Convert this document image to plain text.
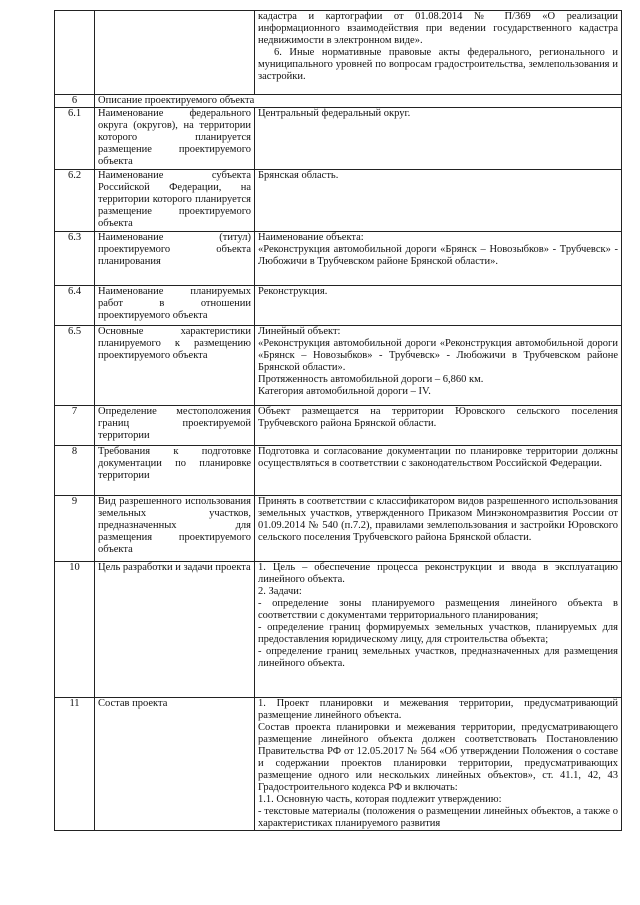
		кадастра и картографии от 01.08.2014 № П/369 «О реализации информационного взаимодействия при ведении государственного кадастра недвижимости в электронном виде».
6. Иные нормативные правовые акты федерального, регионального и муниципального уровней по вопросам градостроительства, землепользования и застройки.

6	Описание проектируемого объекта	
6.1	Наименование федерального округа (округов), на территории которого планируется размещение проектируемого объекта	Центральный федеральный округ.

6.2	Наименование субъекта Российской Федерации, на территории которого планируется размещение проектируемого объекта	Брянская область.

6.3	Наименование (титул) проектируемого объекта планирования	Наименование объекта:
«Реконструкция автомобильной дороги «Брянск – Новозыбков» - Трубчевск» - Любожичи в Трубчевском районе Брянской области».

6.4	Наименование планируемых работ в отношении проектируемого объекта	Реконструкция.

6.5	Основные характеристики планируемого к размещению проектируемого объекта	Линейный объект:
«Реконструкция автомобильной дороги «Реконструкция автомобильной дороги «Брянск – Новозыбков» - Трубчевск» - Любожичи в Трубчевском районе Брянской области».
Протяженность автомобильной дороги – 6,860 км.
Категория автомобильной дороги – IV.

7	Определение местоположения границ проектируемой территории	Объект размещается на территории Юровского сельского поселения Трубчевского района Брянской области.

8	Требования к подготовке документации по планировке территории	Подготовка и согласование документации по планировке территории должны осуществляться в соответствии с законодательством Российской Федерации.

9	Вид разрешенного использования земельных участков, предназначенных для размещения проектируемого объекта	Принять в соответствии с классификатором видов разрешенного использования земельных участков, утвержденного Приказом Минэкономразвития России от 01.09.2014 № 540 (п.7.2), правилами землепользования и застройки Юровского сельского поселения Трубчевского района Брянской области.

10	Цель разработки и задачи проекта	1. Цель – обеспечение процесса реконструкции и ввода в эксплуатацию линейного объекта.
2. Задачи:
- определение зоны планируемого размещения линейного объекта в соответствии с документами территориального планирования;
- определение границ формируемых земельных участков, планируемых для предоставления юридическому лицу, для строительства объекта;
- определение границ земельных участков, предназначенных для размещения линейного объекта.

11	Состав проекта	1. Проект планировки и межевания территории, предусматривающий размещение линейного объекта.
Состав проекта планировки и межевания территории, предусматривающего размещение линейного объекта должен соответствовать Постановлению Правительства РФ от 12.05.2017 № 564 «Об утверждении Положения о составе и содержании проектов планировки территории, предусматривающих размещение одного или нескольких линейных объектов», ст. 41.1, 42, 43 Градостроительного кодекса РФ и включать:
1.1. Основную часть, которая подлежит утверждению:
- текстовые материалы (положения о размещении линейных объектов, а также о характеристиках планируемого развития
